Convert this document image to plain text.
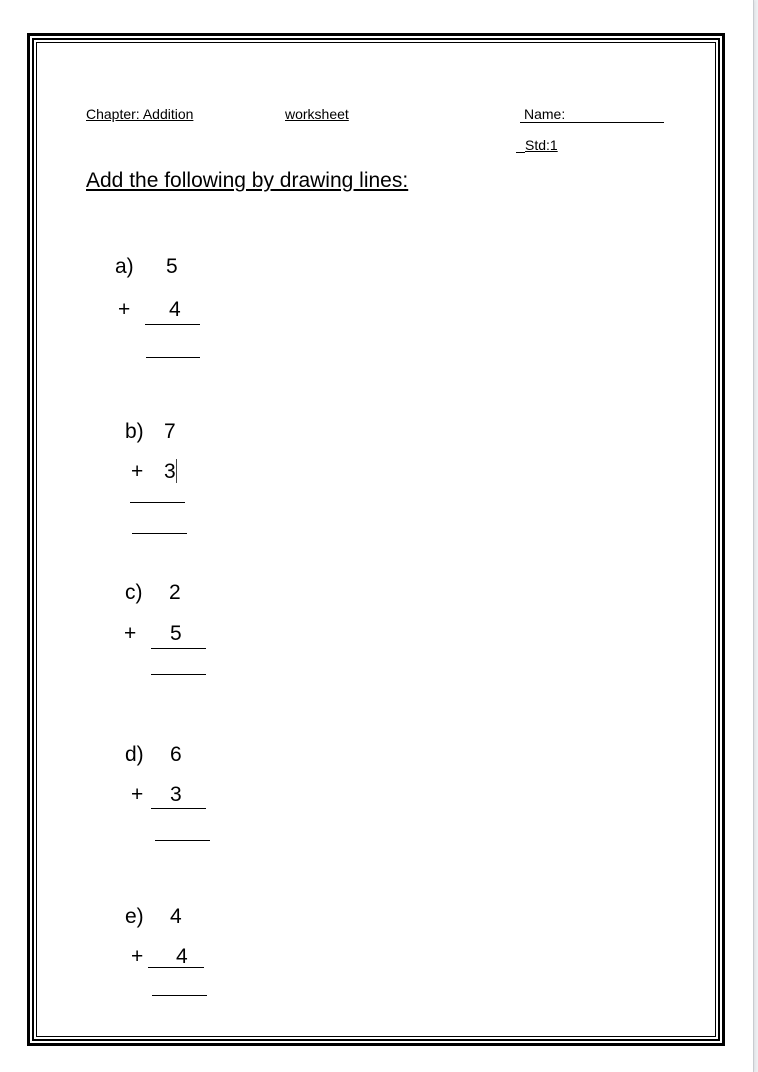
Chapter: Addition	worksheet	Name:
Std:1
Add the following by drawing lines:
a) 5
+ 4
b) 7
+ 3
c) 2
+ 5
d) 6
+ 3
e) 4
+ 4
